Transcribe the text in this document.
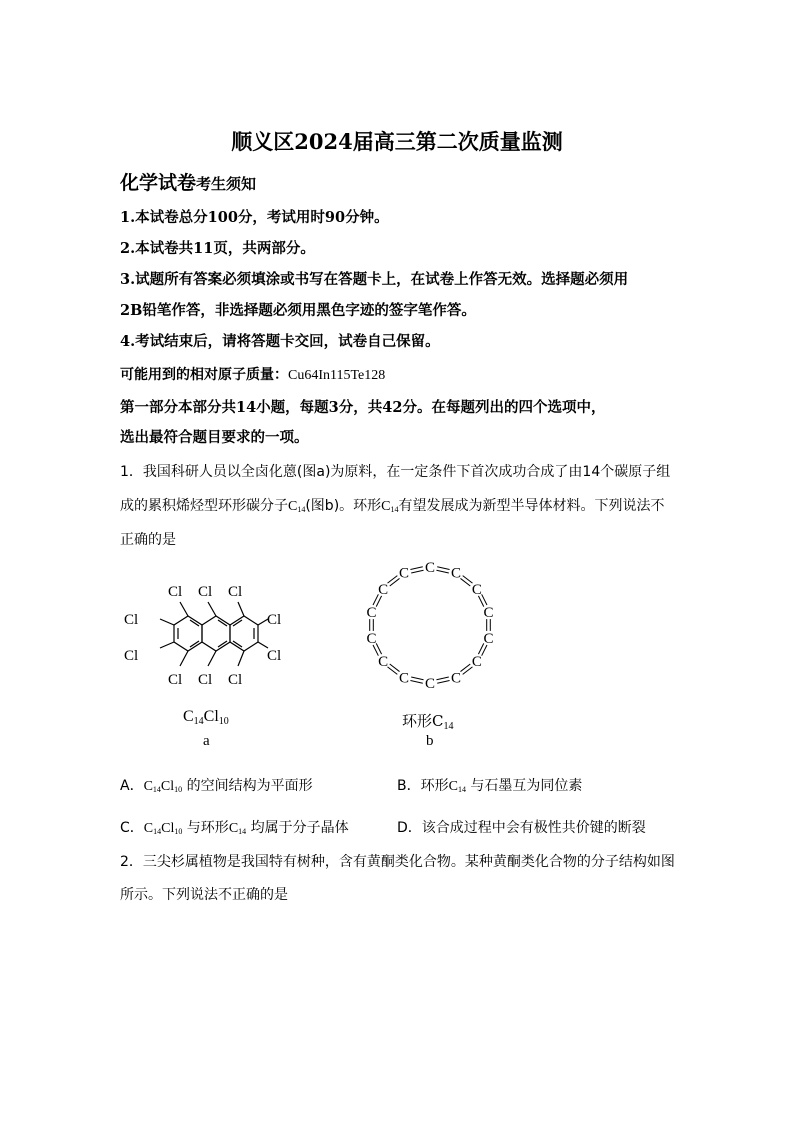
顺义区2024届高三第二次质量监测
化学试卷考生须知
1.本试卷总分100分，考试用时90分钟。
2.本试卷共11页，共两部分。
3.试题所有答案必须填涂或书写在答题卡上，在试卷上作答无效。选择题必须用
2B铅笔作答，非选择题必须用黑色字迹的签字笔作答。
4.考试结束后，请将答题卡交回，试卷自己保留。
可能用到的相对原子质量：Cu64In115Te128
第一部分本部分共14小题，每题3分，共42分。在每题列出的四个选项中，
选出最符合题目要求的一项。
1．我国科研人员以全卤化蒽(图a)为原料，在一定条件下首次成功合成了由14个碳原子组
成的累积烯烃型环形碳分子$C_{14}$(图b)。环形$C_{14}$有望发展成为新型半导体材料。下列说法不
正确的是
Cl Cl Cl
Cl
Cl
Cl
Cl
Cl Cl Cl
C14Cl10
a
C C
C
C
C
C
C
C
C
C
C
C
C
C
环形$C_{14}$
b
A．$C_{14}Cl_{10}$ 的空间结构为平面形	B．环形$C_{14}$ 与石墨互为同位素
C．$C_{14}Cl_{10}$ 与环形$C_{14}$ 均属于分子晶体	D．该合成过程中会有极性共价键的断裂
2．三尖杉属植物是我国特有树种，含有黄酮类化合物。某种黄酮类化合物的分子结构如图
所示。下列说法不正确的是
